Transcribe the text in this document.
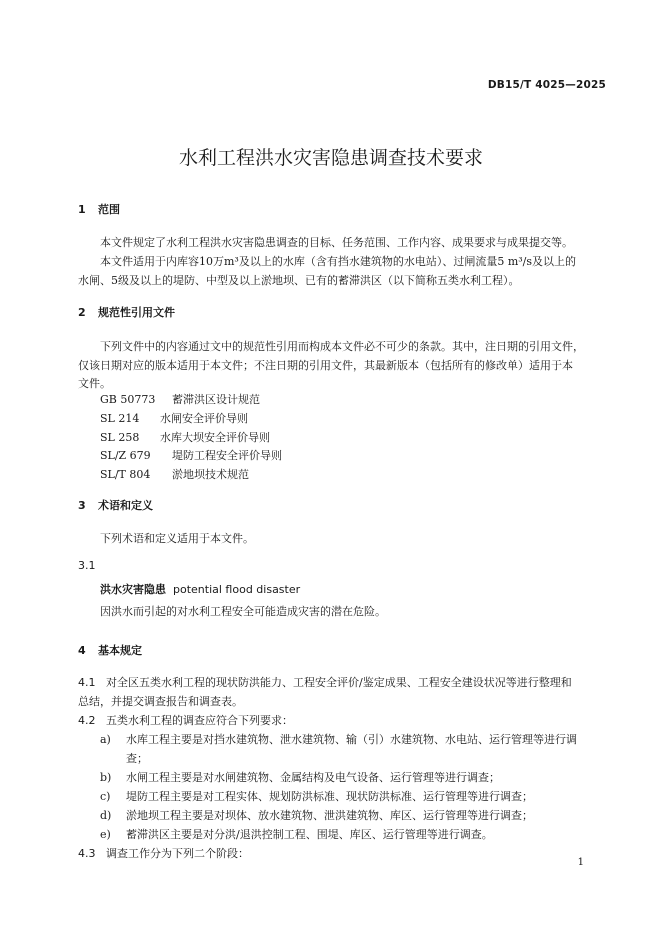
DB15/T 4025—2025
水利工程洪水灾害隐患调查技术要求
1 范围
本文件规定了水利工程洪水灾害隐患调查的目标、任务范围、工作内容、成果要求与成果提交等。
本文件适用于内库容10万m³及以上的水库（含有挡水建筑物的水电站）、过闸流量5 m³/s及以上的
水闸、5级及以上的堤防、中型及以上淤地坝、已有的蓄滞洪区（以下简称五类水利工程）。
2 规范性引用文件
下列文件中的内容通过文中的规范性引用而构成本文件必不可少的条款。其中，注日期的引用文件，
仅该日期对应的版本适用于本文件；不注日期的引用文件，其最新版本（包括所有的修改单）适用于本
文件。
GB 50773 蓄滞洪区设计规范
SL 214 水闸安全评价导则
SL 258 水库大坝安全评价导则
SL/Z 679 堤防工程安全评价导则
SL/T 804 淤地坝技术规范
3 术语和定义
下列术语和定义适用于本文件。
3.1
洪水灾害隐患 potential flood disaster
因洪水而引起的对水利工程安全可能造成灾害的潜在危险。
4 基本规定
4.1 对全区五类水利工程的现状防洪能力、工程安全评价/鉴定成果、工程安全建设状况等进行整理和
总结，并提交调查报告和调查表。
4.2 五类水利工程的调查应符合下列要求：
a) 水库工程主要是对挡水建筑物、泄水建筑物、输（引）水建筑物、水电站、运行管理等进行调
查；
b) 水闸工程主要是对水闸建筑物、金属结构及电气设备、运行管理等进行调查；
c) 堤防工程主要是对工程实体、规划防洪标准、现状防洪标准、运行管理等进行调查；
d) 淤地坝工程主要是对坝体、放水建筑物、泄洪建筑物、库区、运行管理等进行调查；
e) 蓄滞洪区主要是对分洪/退洪控制工程、围堤、库区、运行管理等进行调查。
4.3 调查工作分为下列二个阶段：
1
